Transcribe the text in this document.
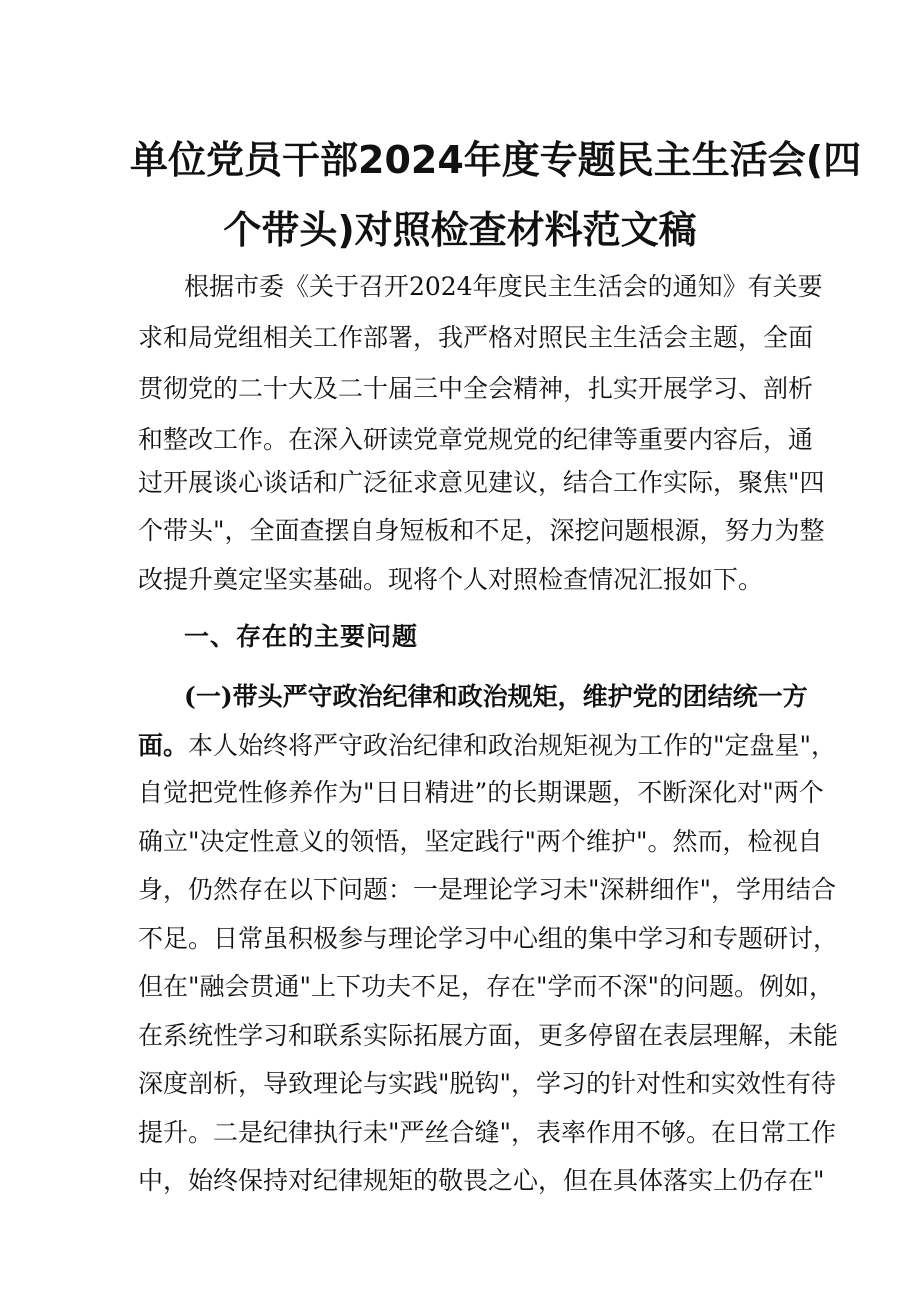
单位党员干部2024年度专题民主生活会(四
个带头)对照检查材料范文稿
根据市委《关于召开2024年度民主生活会的通知》有关要
求和局党组相关工作部署，我严格对照民主生活会主题，全面
贯彻党的二十大及二十届三中全会精神，扎实开展学习、剖析
和整改工作。在深入研读党章党规党的纪律等重要内容后，通
过开展谈心谈话和广泛征求意见建议，结合工作实际，聚焦"四
个带头"，全面查摆自身短板和不足，深挖问题根源，努力为整
改提升奠定坚实基础。现将个人对照检查情况汇报如下。
一、存在的主要问题
(一)带头严守政治纪律和政治规矩，维护党的团结统一方
面。本人始终将严守政治纪律和政治规矩视为工作的"定盘星"，
自觉把党性修养作为"日日精进”的长期课题，不断深化对"两个
确立"决定性意义的领悟，坚定践行"两个维护"。然而，检视自
身，仍然存在以下问题：一是理论学习未"深耕细作"，学用结合
不足。日常虽积极参与理论学习中心组的集中学习和专题研讨，
但在"融会贯通"上下功夫不足，存在"学而不深"的问题。例如，
在系统性学习和联系实际拓展方面，更多停留在表层理解，未能
深度剖析，导致理论与实践"脱钩"，学习的针对性和实效性有待
提升。二是纪律执行未"严丝合缝"，表率作用不够。在日常工作
中，始终保持对纪律规矩的敬畏之心，但在具体落实上仍存在"
